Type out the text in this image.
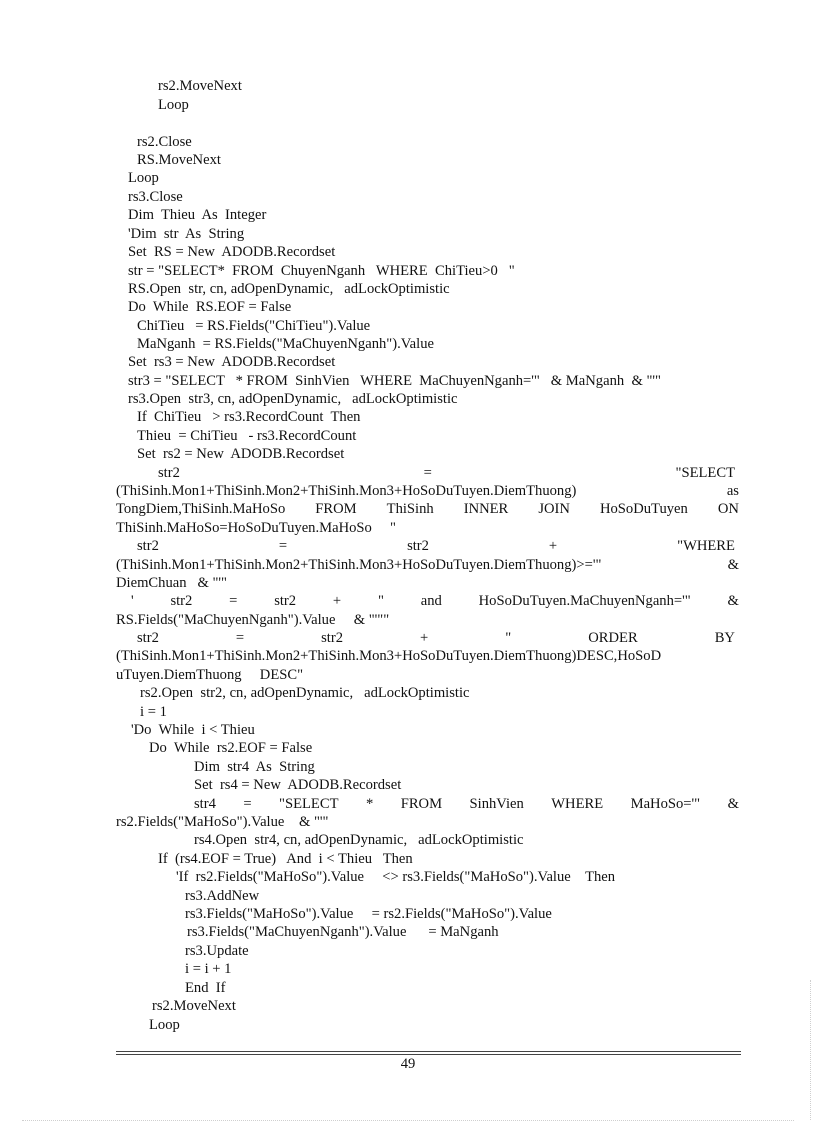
rs2.MoveNext
Loop
rs2.Close
RS.MoveNext
Loop
rs3.Close
Dim  Thieu  As  Integer
'Dim  str  As  String
Set  RS = New  ADODB.Recordset
str = "SELECT*  FROM  ChuyenNganh   WHERE  ChiTieu>0   "
RS.Open  str, cn, adOpenDynamic,   adLockOptimistic
Do  While  RS.EOF = False
ChiTieu   = RS.Fields("ChiTieu").Value
MaNganh  = RS.Fields("MaChuyenNganh").Value
Set  rs3 = New  ADODB.Recordset
str3 = "SELECT   * FROM  SinhVien   WHERE  MaChuyenNganh='"   & MaNganh  & "'"
rs3.Open  str3, cn, adOpenDynamic,   adLockOptimistic
If  ChiTieu   > rs3.RecordCount  Then
Thieu  = ChiTieu   - rs3.RecordCount
Set  rs2 = New  ADODB.Recordset
str2	=	"SELECT
(ThiSinh.Mon1+ThiSinh.Mon2+ThiSinh.Mon3+HoSoDuTuyen.DiemThuong)	as
TongDiem,ThiSinh.MaHoSo FROM ThiSinh INNER JOIN HoSoDuTuyen ON
ThiSinh.MaHoSo=HoSoDuTuyen.MaHoSo     "
str2	=	str2	+	"WHERE
(ThiSinh.Mon1+ThiSinh.Mon2+ThiSinh.Mon3+HoSoDuTuyen.DiemThuong)>='"	&
DiemChuan   & "'"
'	str2	=	str2	+	"	and	HoSoDuTuyen.MaChuyenNganh='"	&
RS.Fields("MaChuyenNganh").Value     & "'""
str2	=	str2	+	"	ORDER	BY
(ThiSinh.Mon1+ThiSinh.Mon2+ThiSinh.Mon3+HoSoDuTuyen.DiemThuong)DESC,HoSoD
uTuyen.DiemThuong     DESC"
rs2.Open  str2, cn, adOpenDynamic,   adLockOptimistic
i = 1
'Do  While  i < Thieu
Do  While  rs2.EOF = False
Dim  str4  As  String
Set  rs4 = New  ADODB.Recordset
str4 = "SELECT * FROM SinhVien WHERE MaHoSo='" &
rs2.Fields("MaHoSo").Value    & "'"
rs4.Open  str4, cn, adOpenDynamic,   adLockOptimistic
If  (rs4.EOF = True)   And  i < Thieu   Then
'If  rs2.Fields("MaHoSo").Value     <> rs3.Fields("MaHoSo").Value    Then
rs3.AddNew
rs3.Fields("MaHoSo").Value     = rs2.Fields("MaHoSo").Value
rs3.Fields("MaChuyenNganh").Value      = MaNganh
rs3.Update
i = i + 1
End  If
rs2.MoveNext
Loop
49
